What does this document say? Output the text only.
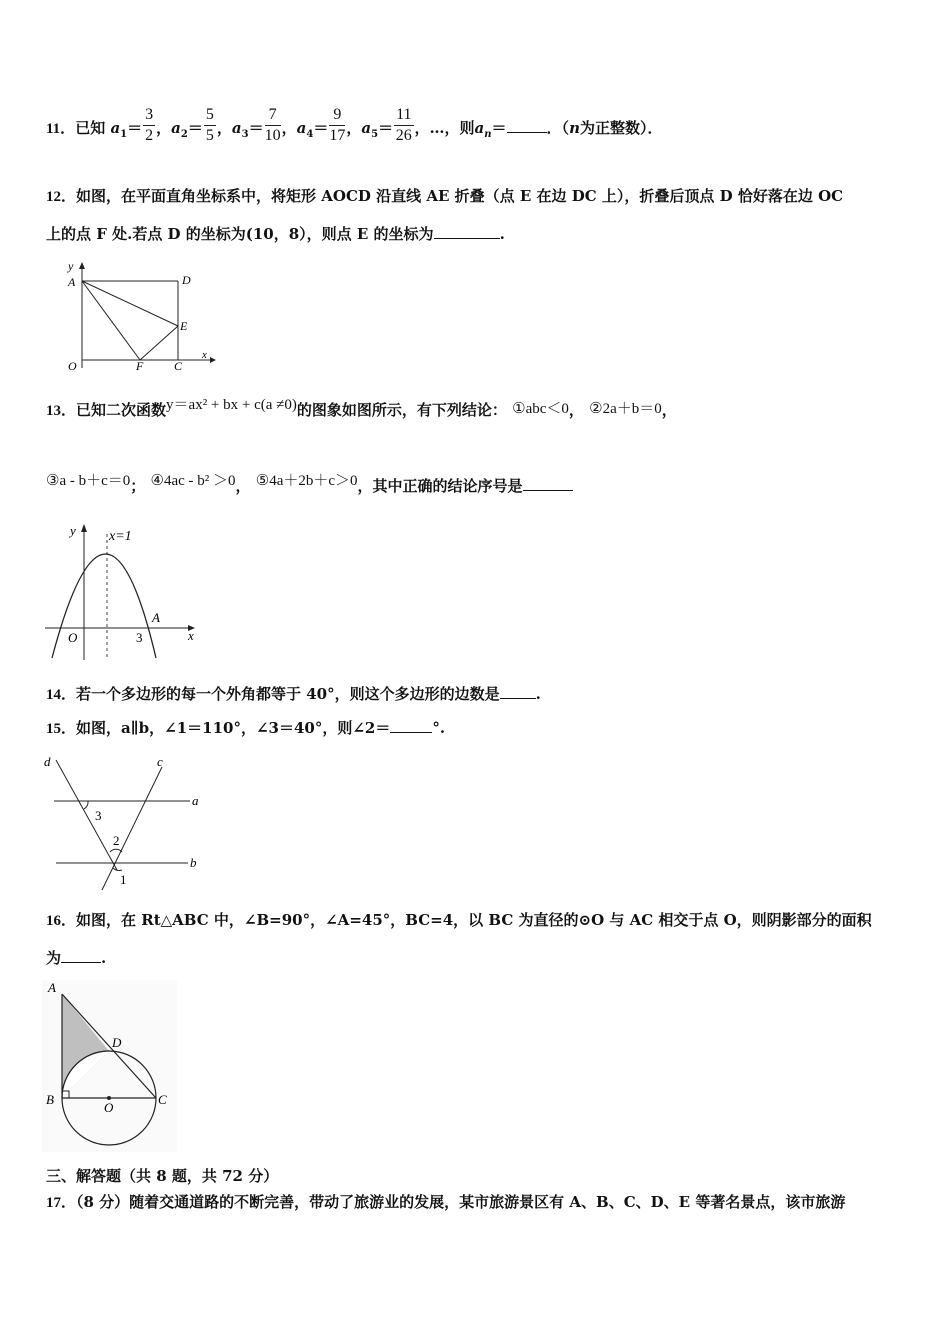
11．已知 $a_1= \frac{3}{2}$ ，$a_2= \frac{5}{5}$ ，$a_3= \frac{7}{10}$ ，$a_4= \frac{9}{17}$ ，$a_5= \frac{11}{26}$ ，…，则$a_n=$	．（n为正整数）．
12．如图，在平面直角坐标系中，将矩形 AOCD 沿直线 AE 折叠（点 E 在边 DC 上），折叠后顶点 D 恰好落在边 OC
上的点 F 处.若点 D 的坐标为(10，8），则点 E 的坐标为	.
y
A	D
E
O	F	C
x
13．已知二次函数y＝ax² + bx + c(a ≠0)的图象如图所示，有下列结论： ①abc＜0， ②2a＋b＝0，
③a - b＋c＝0； ④4ac - b² ＞0， ⑤4a＋2b＋c＞0，其中正确的结论序号是
y x=1
O
A
3	x
14．若一个多边形的每一个外角都等于 40°，则这个多边形的边数是 .
15．如图，a∥b，∠1＝110°，∠3＝40°，则∠2＝	°.
d	c
a
b
3
2
1
16．如图，在 Rt△ABC 中，∠B=90°，∠A=45°，BC=4，以 BC 为直径的⊙O 与 AC 相交于点 O，则阴影部分的面积
为	.
A
D
B	C
O
三、解答题（共 8 题，共 72 分）
17．（8 分）随着交通道路的不断完善，带动了旅游业的发展，某市旅游景区有 A、B、C、D、E 等著名景点，该市旅游
